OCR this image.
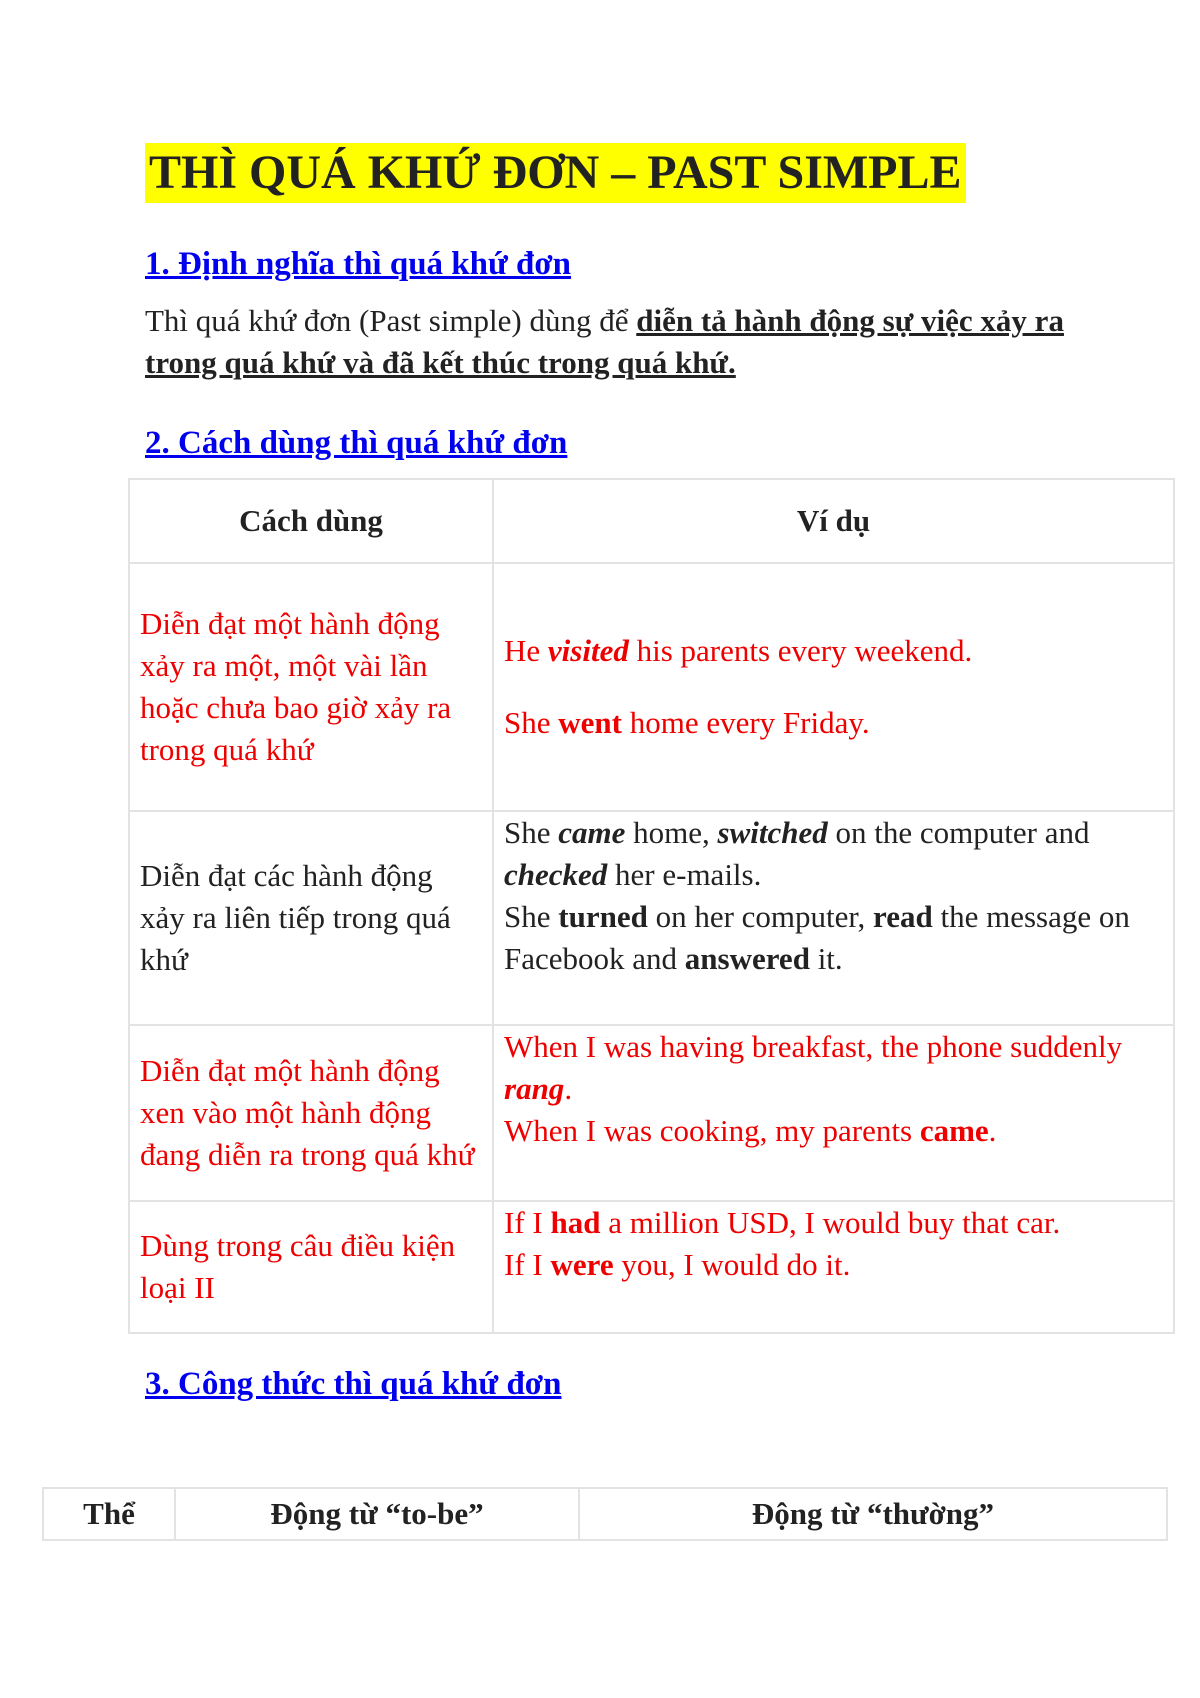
THÌ QUÁ KHỨ ĐƠN – PAST SIMPLE
1. Định nghĩa thì quá khứ đơn
Thì quá khứ đơn (Past simple) dùng để diễn tả hành động sự việc xảy ra trong quá khứ và đã kết thúc trong quá khứ.
2. Cách dùng thì quá khứ đơn
Cách dùng	Ví dụ
Diễn đạt một hành động xảy ra một, một vài lần hoặc chưa bao giờ xảy ra trong quá khứ	He visited his parents every weekend.
She went home every Friday.

Diễn đạt các hành động xảy ra liên tiếp trong quá khứ	She came home, switched on the computer and checked her e-mails.
She turned on her computer, read the message on Facebook and answered it.

Diễn đạt một hành động xen vào một hành động đang diễn ra trong quá khứ	When I was having breakfast, the phone suddenly rang.
When I was cooking, my parents came.

Dùng trong câu điều kiện loại II	If I had a million USD, I would buy that car.
If I were you, I would do it.
3. Công thức thì quá khứ đơn
Thể	Động từ “to-be”	Động từ “thường”
